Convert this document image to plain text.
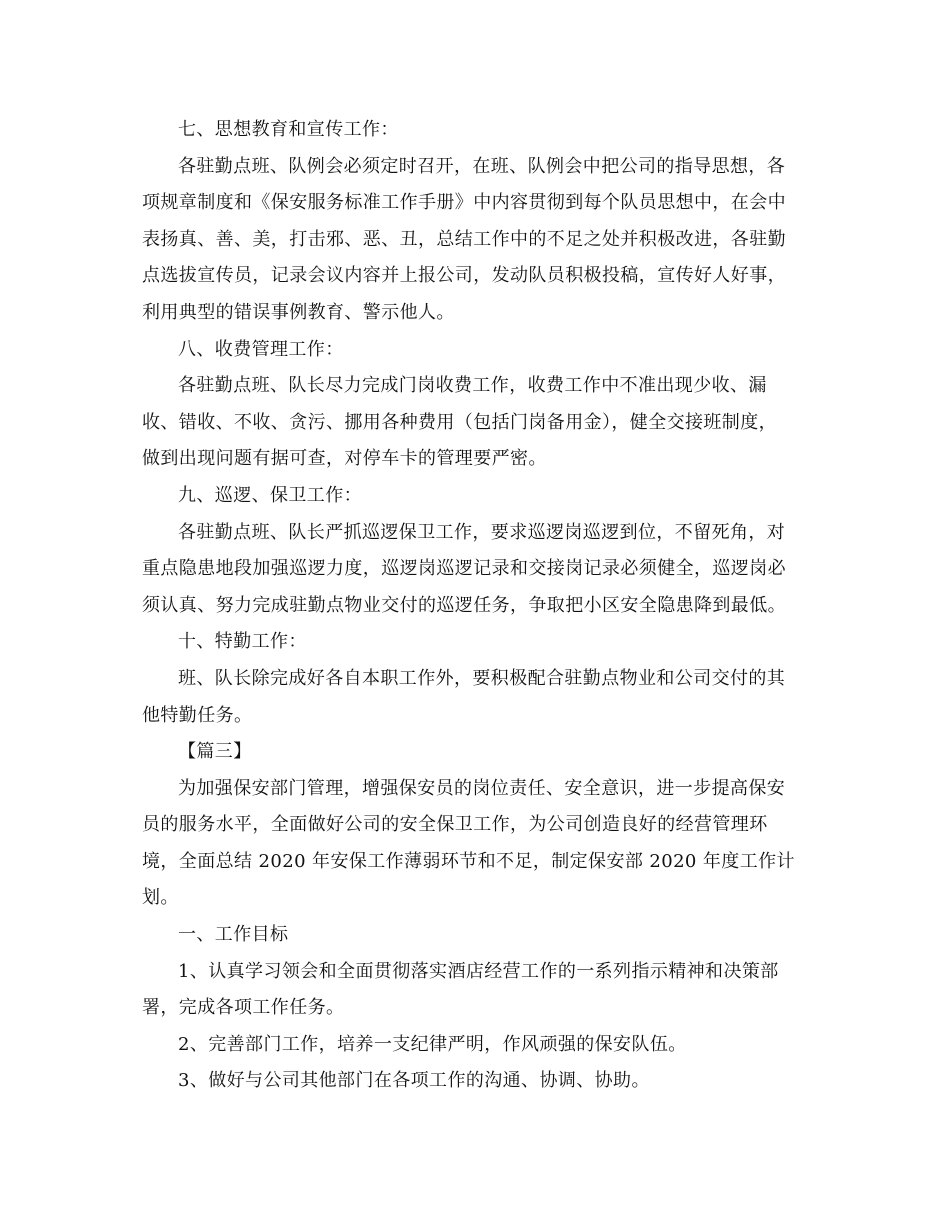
七、思想教育和宣传工作：
各驻勤点班、队例会必须定时召开，在班、队例会中把公司的指导思想，各
项规章制度和《保安服务标准工作手册》中内容贯彻到每个队员思想中，在会中
表扬真、善、美，打击邪、恶、丑，总结工作中的不足之处并积极改进，各驻勤
点选拔宣传员，记录会议内容并上报公司，发动队员积极投稿，宣传好人好事，
利用典型的错误事例教育、警示他人。
八、收费管理工作：
各驻勤点班、队长尽力完成门岗收费工作，收费工作中不准出现少收、漏
收、错收、不收、贪污、挪用各种费用（包括门岗备用金），健全交接班制度，
做到出现问题有据可查，对停车卡的管理要严密。
九、巡逻、保卫工作：
各驻勤点班、队长严抓巡逻保卫工作，要求巡逻岗巡逻到位，不留死角，对
重点隐患地段加强巡逻力度，巡逻岗巡逻记录和交接岗记录必须健全，巡逻岗必
须认真、努力完成驻勤点物业交付的巡逻任务，争取把小区安全隐患降到最低。
十、特勤工作：
班、队长除完成好各自本职工作外，要积极配合驻勤点物业和公司交付的其
他特勤任务。
【篇三】
为加强保安部门管理，增强保安员的岗位责任、安全意识，进一步提高保安
员的服务水平，全面做好公司的安全保卫工作，为公司创造良好的经营管理环
境，全面总结 2020 年安保工作薄弱环节和不足，制定保安部 2020 年度工作计
划。
一、工作目标
1、认真学习领会和全面贯彻落实酒店经营工作的一系列指示精神和决策部
署，完成各项工作任务。
2、完善部门工作，培养一支纪律严明，作风顽强的保安队伍。
3、做好与公司其他部门在各项工作的沟通、协调、协助。
